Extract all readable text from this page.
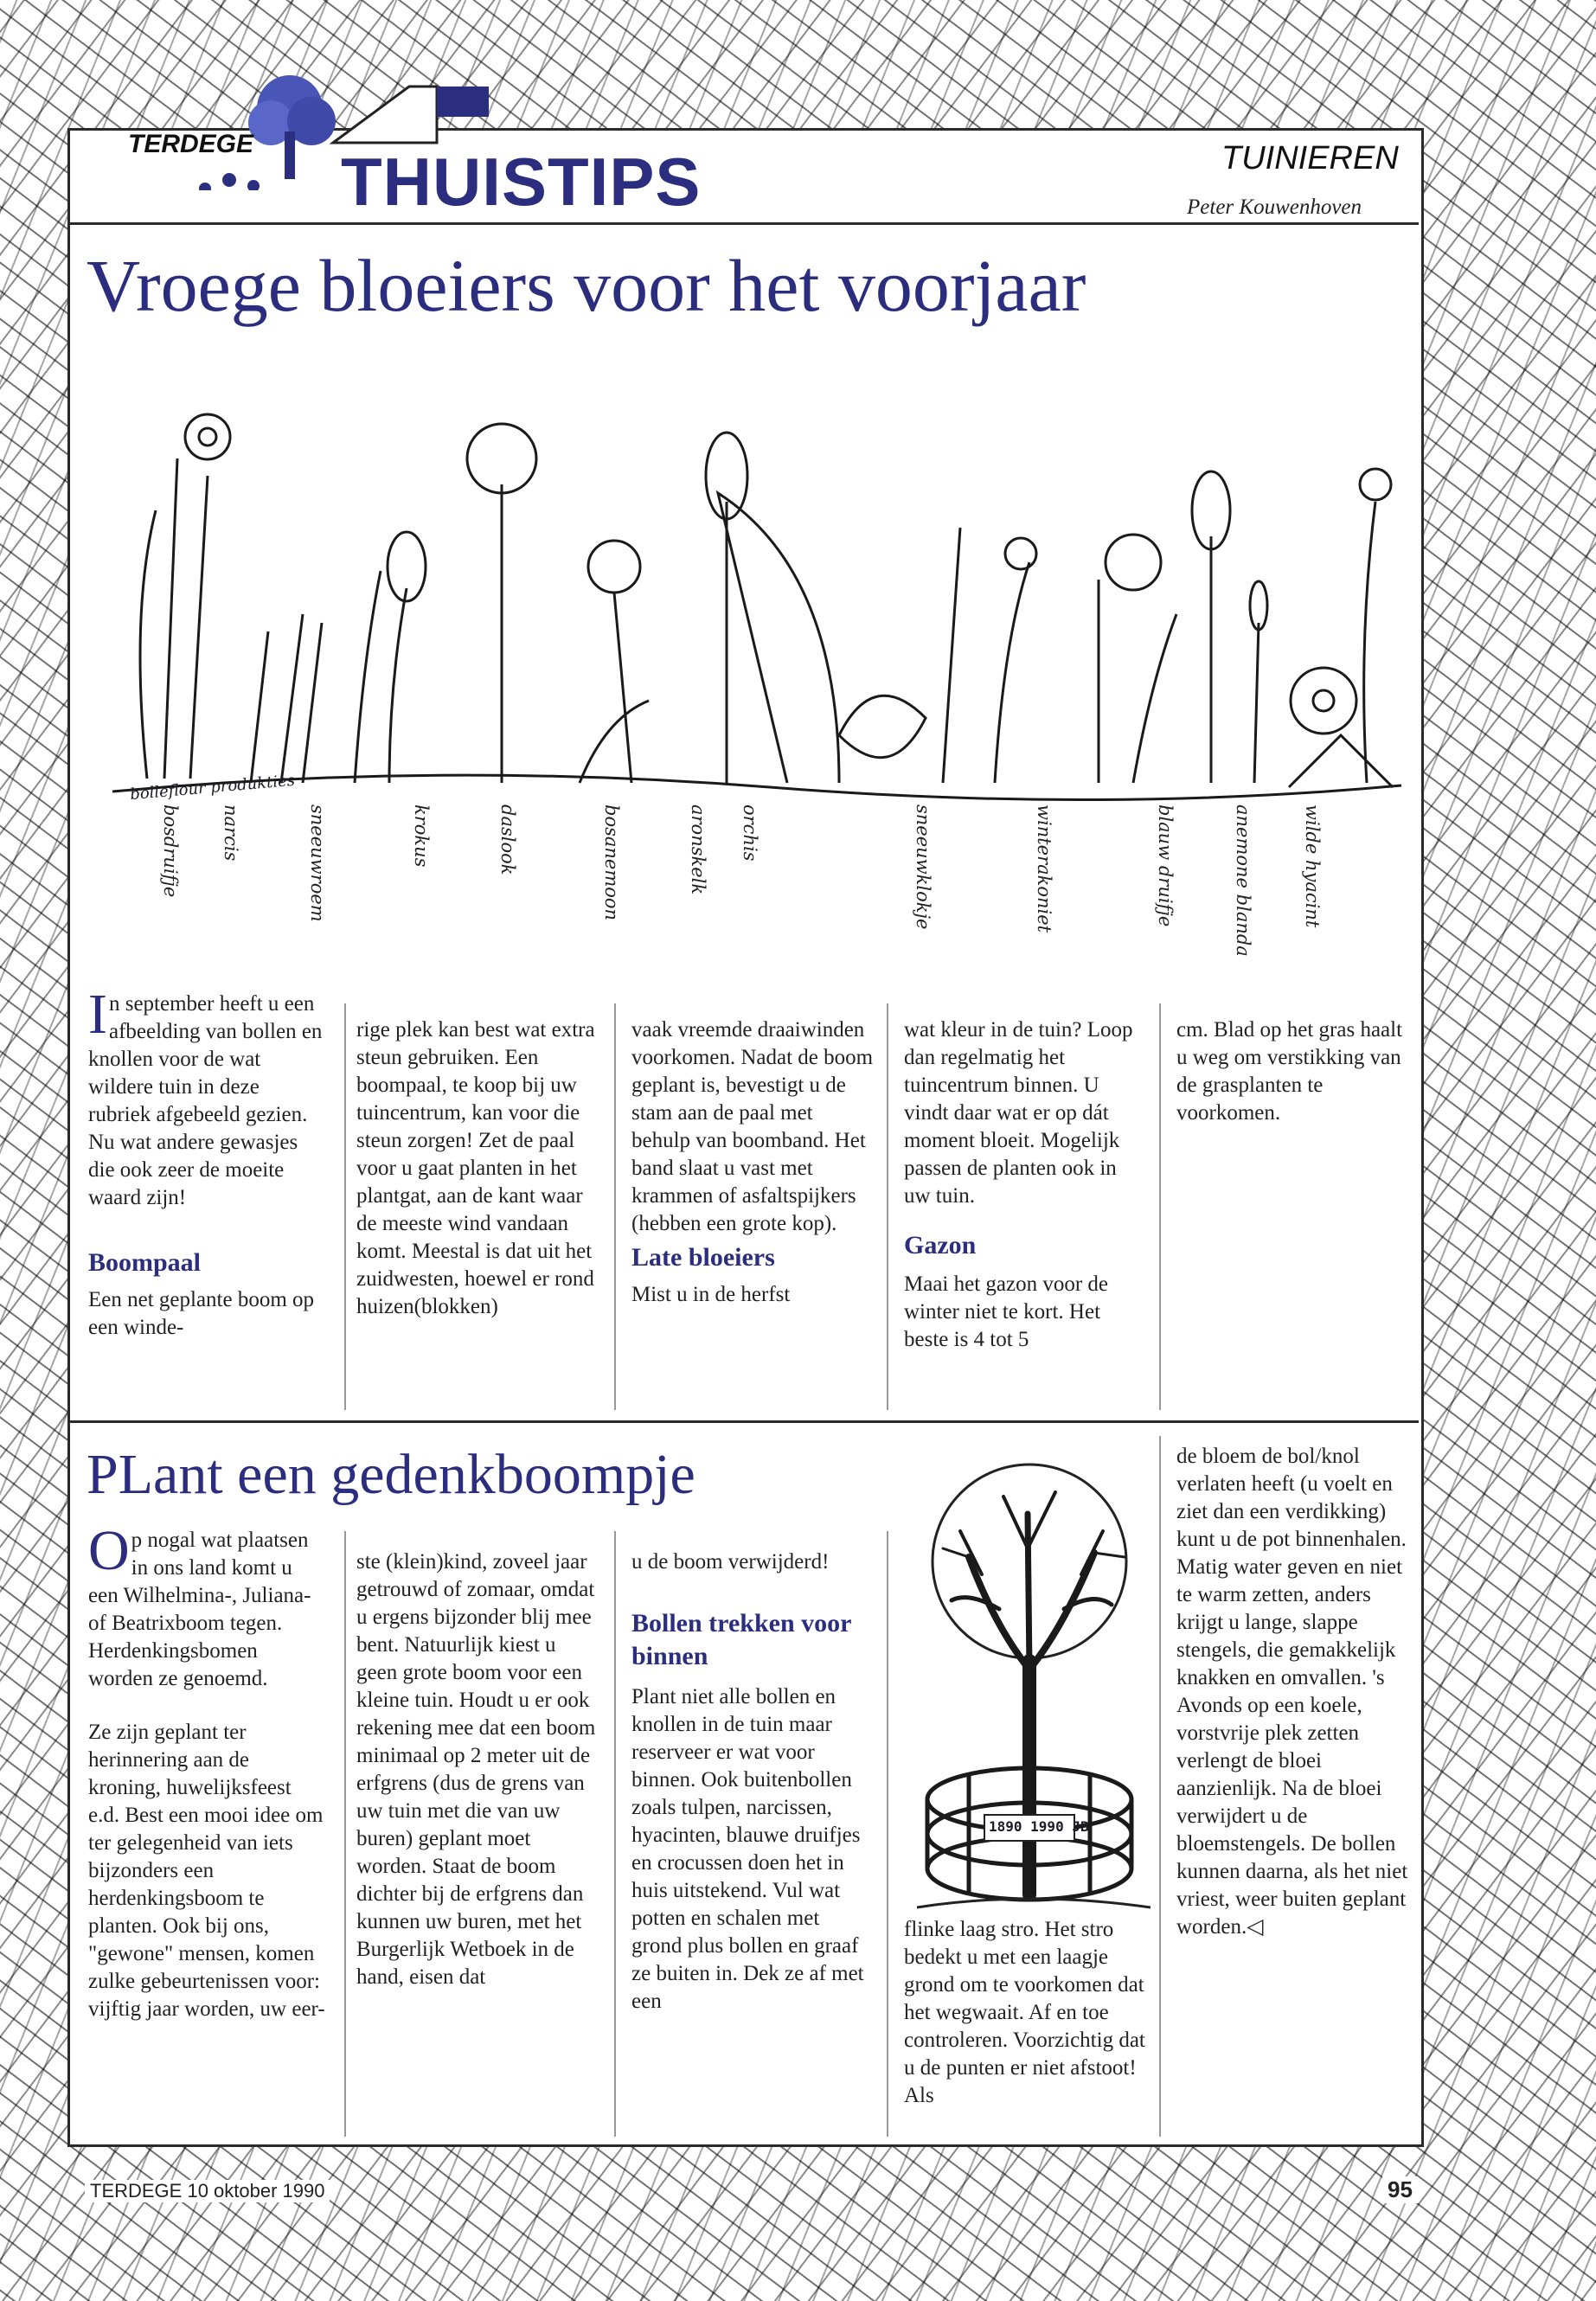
TERDEGE THUISTIPS	TUINIEREN
Peter Kouwenhoven
Vroege bloeiers voor het voorjaar
bolleflour produkties
bosdruifje narcis	sneeuwroem	krokus	daslook	bosanemoon	aronskelk orchis	sneeuwklokje	winterakoniet	blauw druifje	anemone blanda	wilde hyacint

In september heeft u een afbeelding van bollen en knollen voor de wat wildere tuin in deze rubriek afgebeeld gezien. Nu wat andere gewasjes die ook zeer de moeite waard zijn!

Boompaal

Een net geplante boom op een winde-

rige plek kan best wat extra steun gebruiken. Een boompaal, te koop bij uw tuincentrum, kan voor die steun zorgen! Zet de paal voor u gaat planten in het plantgat, aan de kant waar de meeste wind vandaan komt. Meestal is dat uit het zuidwesten, hoewel er rond huizen(blokken)

vaak vreemde draaiwinden voorkomen. Nadat de boom geplant is, bevestigt u de stam aan de paal met behulp van boomband. Het band slaat u vast met krammen of asfaltspijkers (hebben een grote kop).

Late bloeiers

Mist u in de herfst

wat kleur in de tuin? Loop dan regelmatig het tuincentrum binnen. U vindt daar wat er op dát moment bloeit. Mogelijk passen de planten ook in uw tuin.

Gazon

Maai het gazon voor de winter niet te kort. Het beste is 4 tot 5

cm. Blad op het gras haalt u weg om verstikking van de grasplanten te voorkomen.

PLant een gedenkboompje

Op nogal wat plaatsen in ons land komt u een Wilhelmina-, Juliana- of Beatrixboom tegen. Herdenkingsbomen worden ze genoemd.

Ze zijn geplant ter herinnering aan de kroning, huwelijksfeest e.d. Best een mooi idee om ter gelegenheid van iets bijzonders een herdenkingsboom te planten. Ook bij ons, "gewone" mensen, komen zulke gebeurtenissen voor: vijftig jaar worden, uw eer-

ste (klein)kind, zoveel jaar getrouwd of zomaar, omdat u ergens bijzonder blij mee bent. Natuurlijk kiest u geen grote boom voor een kleine tuin. Houdt u er ook rekening mee dat een boom minimaal op 2 meter uit de erfgrens (dus de grens van uw tuin met die van uw buren) geplant moet worden. Staat de boom dichter bij de erfgrens dan kunnen uw buren, met het Burgerlijk Wetboek in de hand, eisen dat

u de boom verwijderd!

Bollen trekken voor binnen

Plant niet alle bollen en knollen in de tuin maar reserveer er wat voor binnen. Ook buitenbollen zoals tulpen, narcissen, hyacinten, blauwe druifjes en crocussen doen het in huis uitstekend. Vul wat potten en schalen met grond plus bollen en graaf ze buiten in. Dek ze af met een

1890 1990 JB

flinke laag stro. Het stro bedekt u met een laagje grond om te voorkomen dat het wegwaait. Af en toe controleren. Voorzichtig dat u de punten er niet afstoot! Als

de bloem de bol/knol verlaten heeft (u voelt en ziet dan een verdikking) kunt u de pot binnenhalen. Matig water geven en niet te warm zetten, anders krijgt u lange, slappe stengels, die gemakkelijk knakken en omvallen. 's Avonds op een koele, vorstvrije plek zetten verlengt de bloei aanzienlijk. Na de bloei verwijdert u de bloemstengels. De bollen kunnen daarna, als het niet vriest, weer buiten geplant worden.◁

TERDEGE 10 oktober 1990	95
